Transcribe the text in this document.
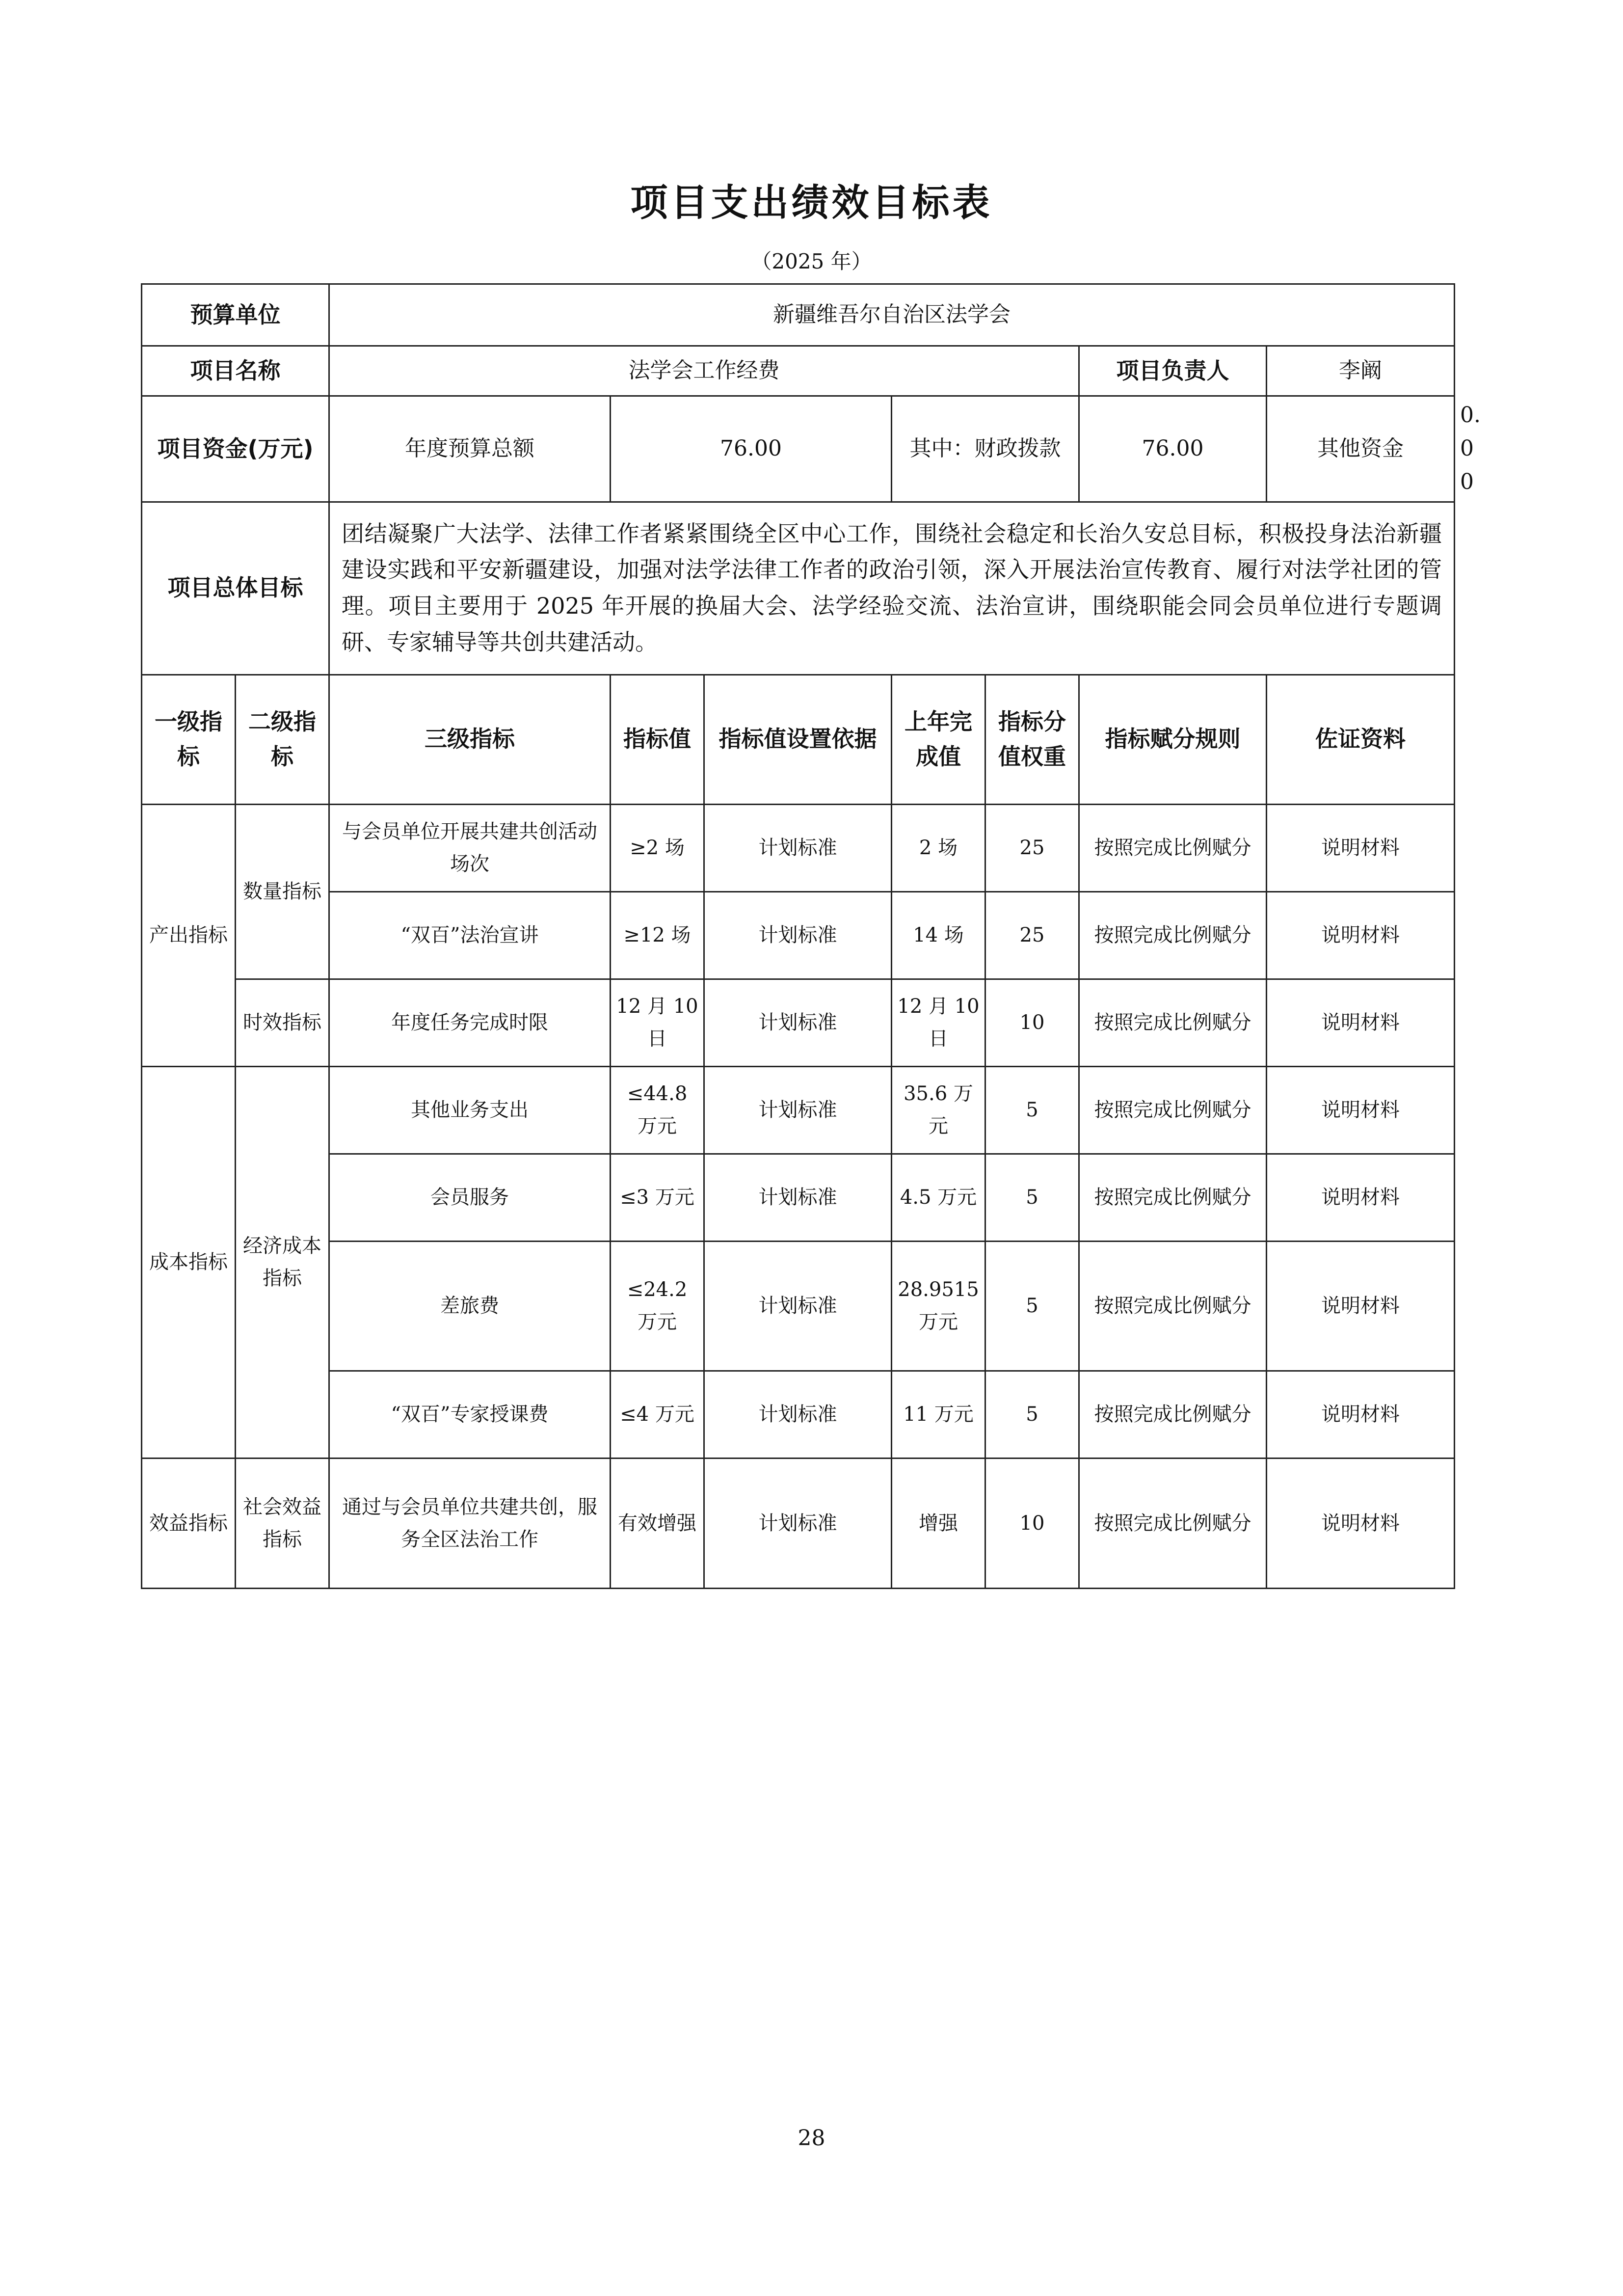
项目支出绩效目标表
（2025 年）
预算单位		新疆维吾尔自治区法学会							
项目名称		法学会工作经费					项目负责人	李阚	
项目资金(万元)		年度预算总额	76.00		其中：财政拨款		76.00	其他资金	0.00
项目总体目标		团结凝聚广大法学、法律工作者紧紧围绕全区中心工作，围绕社会稳定和长治久安总目标，积极投身法治新疆建设实践和平安新疆建设，加强对法学法律工作者的政治引领，深入开展法治宣传教育、履行对法学社团的管理。项目主要用于 2025 年开展的换届大会、法学经验交流、法治宣讲，围绕职能会同会员单位进行专题调研、专家辅导等共创共建活动。							
一级指标	二级指标	三级指标	指标值	指标值设置依据	上年完成值	指标分值权重	指标赋分规则	佐证资料	
产出指标	数量指标	与会员单位开展共建共创活动场次	≥2 场	计划标准	2 场	25	按照完成比例赋分	说明材料	
		“双百”法治宣讲	≥12 场	计划标准	14 场	25	按照完成比例赋分	说明材料	
	时效指标	年度任务完成时限	12 月 10 日	计划标准	12 月 10 日	10	按照完成比例赋分	说明材料	
成本指标	经济成本指标	其他业务支出	≤44.8 万元	计划标准	35.6 万元	5	按照完成比例赋分	说明材料	
		会员服务	≤3 万元	计划标准	4.5 万元	5	按照完成比例赋分	说明材料	
		差旅费	≤24.2 万元	计划标准	28.9515 万元	5	按照完成比例赋分	说明材料	
		“双百”专家授课费	≤4 万元	计划标准	11 万元	5	按照完成比例赋分	说明材料	
效益指标	社会效益指标	通过与会员单位共建共创，服务全区法治工作	有效增强	计划标准	增强	10	按照完成比例赋分	说明材料	
28
